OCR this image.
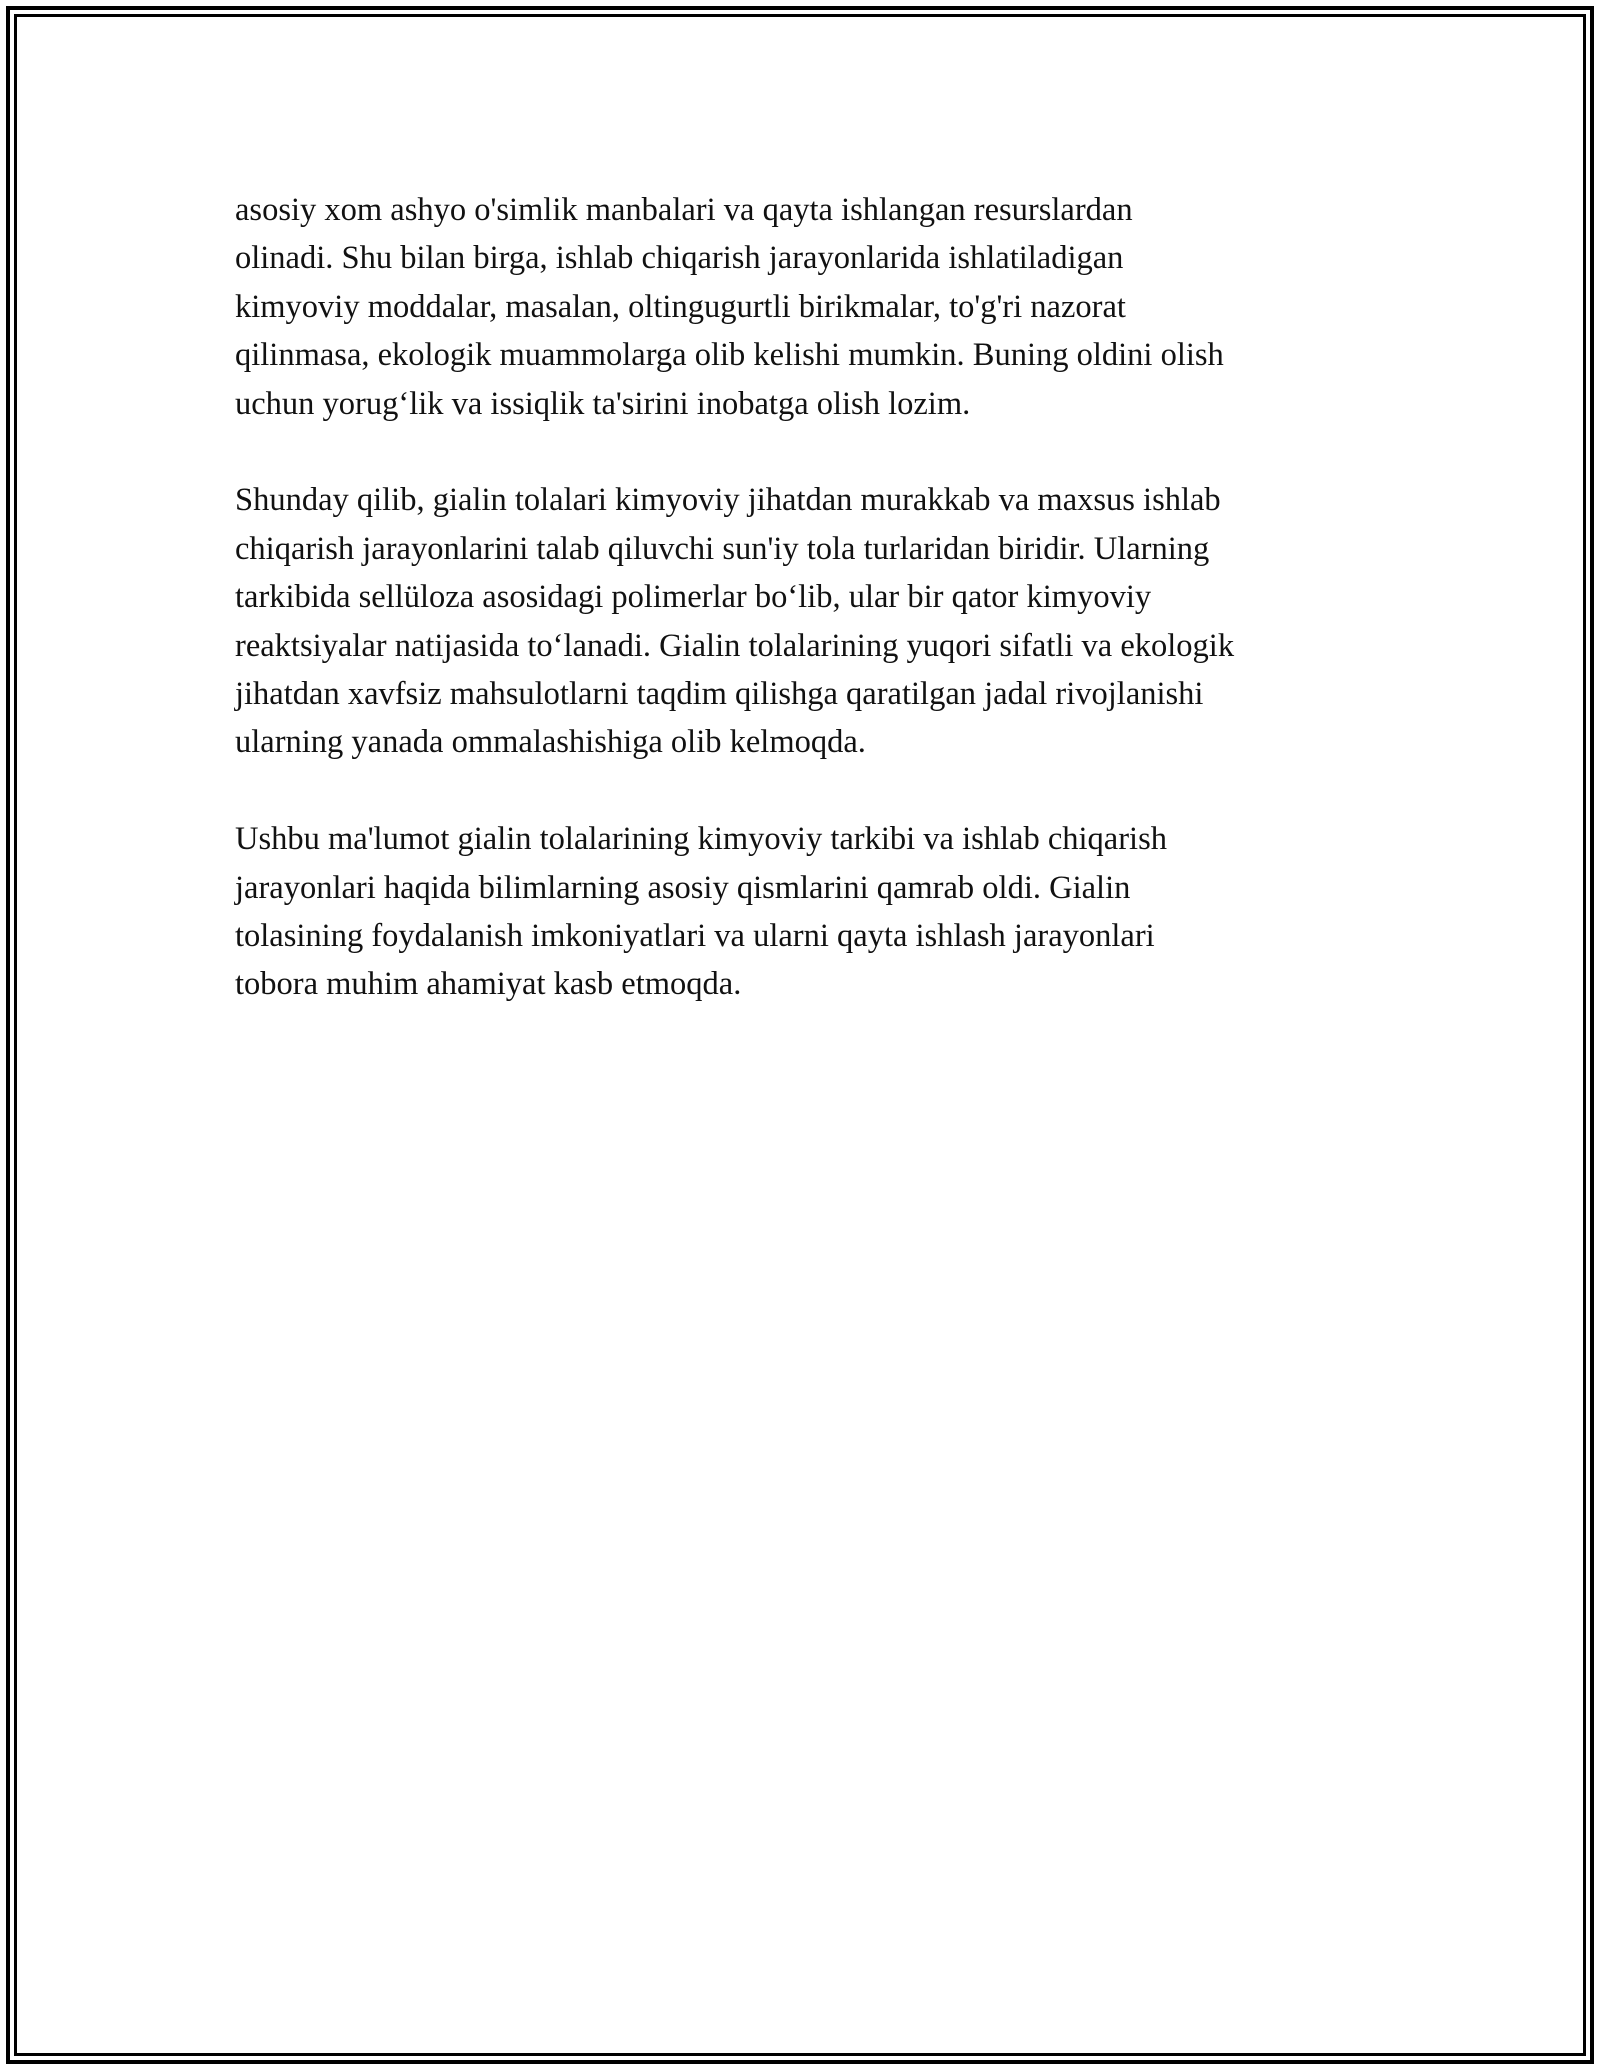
asosiy xom ashyo o'simlik manbalari va qayta ishlangan resurslardan
olinadi. Shu bilan birga, ishlab chiqarish jarayonlarida ishlatiladigan
kimyoviy moddalar, masalan, oltingugurtli birikmalar, to'g'ri nazorat
qilinmasa, ekologik muammolarga olib kelishi mumkin. Buning oldini olish
uchun yorug‘lik va issiqlik ta'sirini inobatga olish lozim.

Shunday qilib, gialin tolalari kimyoviy jihatdan murakkab va maxsus ishlab
chiqarish jarayonlarini talab qiluvchi sun'iy tola turlaridan biridir. Ularning
tarkibida sellüloza asosidagi polimerlar bo‘lib, ular bir qator kimyoviy
reaktsiyalar natijasida to‘lanadi. Gialin tolalarining yuqori sifatli va ekologik
jihatdan xavfsiz mahsulotlarni taqdim qilishga qaratilgan jadal rivojlanishi
ularning yanada ommalashishiga olib kelmoqda.

Ushbu ma'lumot gialin tolalarining kimyoviy tarkibi va ishlab chiqarish
jarayonlari haqida bilimlarning asosiy qismlarini qamrab oldi. Gialin
tolasining foydalanish imkoniyatlari va ularni qayta ishlash jarayonlari
tobora muhim ahamiyat kasb etmoqda.
